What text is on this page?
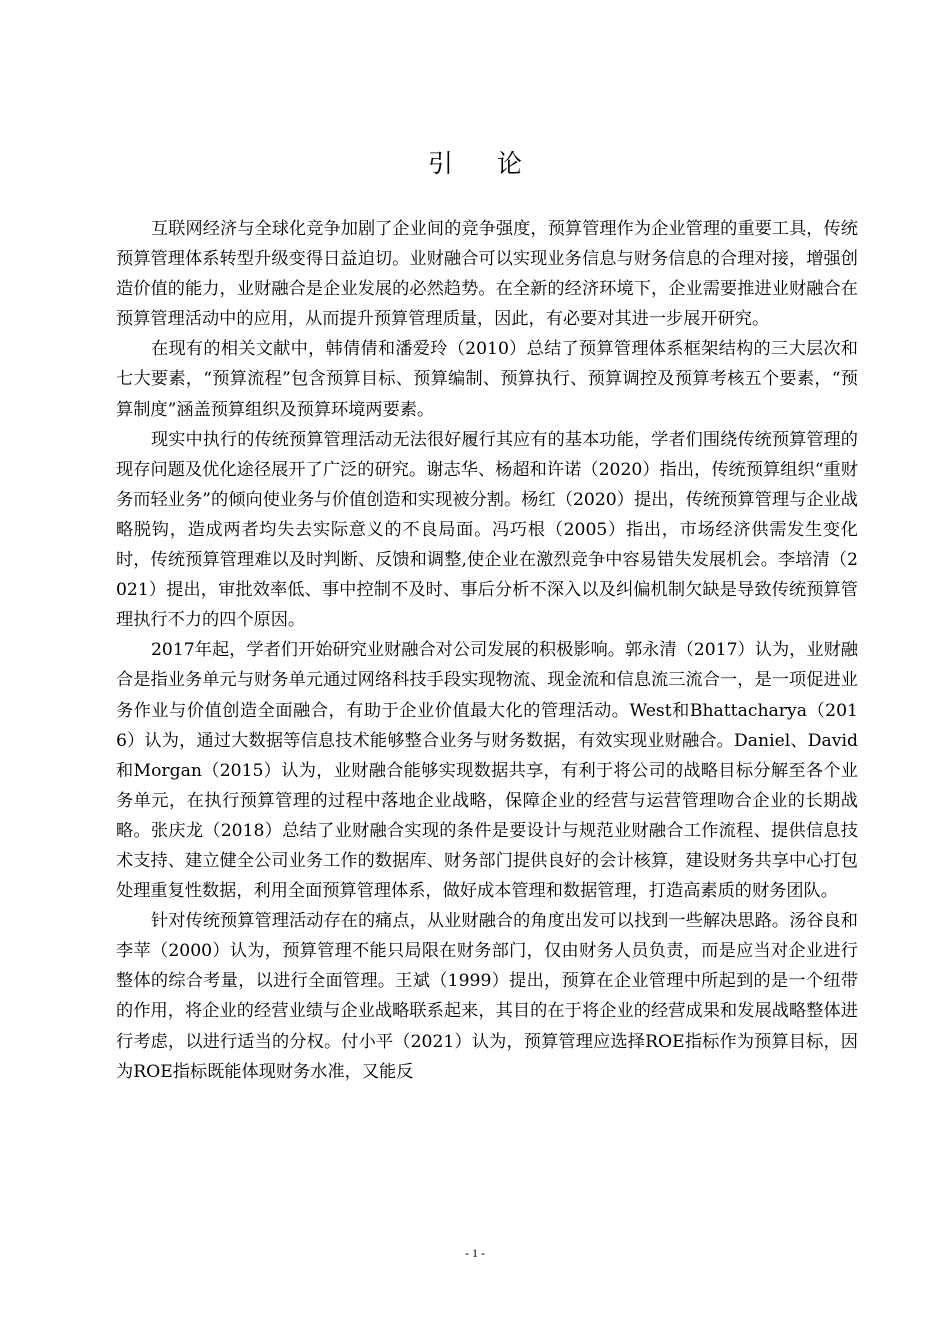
引 论

互联网经济与全球化竞争加剧了企业间的竞争强度，预算管理作为企业管理的重要工具，传统预算管理体系转型升级变得日益迫切。业财融合可以实现业务信息与财务信息的合理对接，增强创造价值的能力，业财融合是企业发展的必然趋势。在全新的经济环境下，企业需要推进业财融合在预算管理活动中的应用，从而提升预算管理质量，因此，有必要对其进一步展开研究。

在现有的相关文献中，韩倩倩和潘爱玲（2010）总结了预算管理体系框架结构的三大层次和七大要素，“预算流程”包含预算目标、预算编制、预算执行、预算调控及预算考核五个要素，“预算制度”涵盖预算组织及预算环境两要素。

现实中执行的传统预算管理活动无法很好履行其应有的基本功能，学者们围绕传统预算管理的现存问题及优化途径展开了广泛的研究。谢志华、杨超和许诺（2020）指出，传统预算组织“重财务而轻业务”的倾向使业务与价值创造和实现被分割。杨红（2020）提出，传统预算管理与企业战略脱钩，造成两者均失去实际意义的不良局面。冯巧根（2005）指出，市场经济供需发生变化时，传统预算管理难以及时判断、反馈和调整,使企业在激烈竞争中容易错失发展机会。李培清（2021）提出，审批效率低、事中控制不及时、事后分析不深入以及纠偏机制欠缺是导致传统预算管理执行不力的四个原因。

2017年起，学者们开始研究业财融合对公司发展的积极影响。郭永清（2017）认为，业财融合是指业务单元与财务单元通过网络科技手段实现物流、现金流和信息流三流合一，是一项促进业务作业与价值创造全面融合，有助于企业价值最大化的管理活动。West和Bhattacharya（2016）认为，通过大数据等信息技术能够整合业务与财务数据，有效实现业财融合。Daniel、David和Morgan（2015）认为，业财融合能够实现数据共享，有利于将公司的战略目标分解至各个业务单元，在执行预算管理的过程中落地企业战略，保障企业的经营与运营管理吻合企业的长期战略。张庆龙（2018）总结了业财融合实现的条件是要设计与规范业财融合工作流程、提供信息技术支持、建立健全公司业务工作的数据库、财务部门提供良好的会计核算，建设财务共享中心打包处理重复性数据，利用全面预算管理体系，做好成本管理和数据管理，打造高素质的财务团队。

针对传统预算管理活动存在的痛点，从业财融合的角度出发可以找到一些解决思路。汤谷良和李苹（2000）认为，预算管理不能只局限在财务部门，仅由财务人员负责，而是应当对企业进行整体的综合考量，以进行全面管理。王斌（1999）提出，预算在企业管理中所起到的是一个纽带的作用，将企业的经营业绩与企业战略联系起来，其目的在于将企业的经营成果和发展战略整体进行考虑，以进行适当的分权。付小平（2021）认为，预算管理应选择ROE指标作为预算目标，因为ROE指标既能体现财务水准，又能反

- 1 -
